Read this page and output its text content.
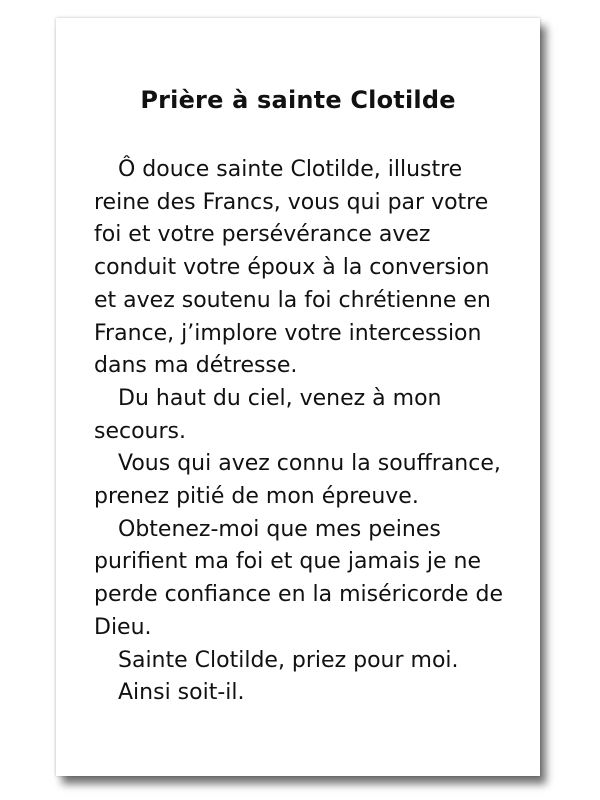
Prière à sainte Clotilde

Ô douce sainte Clotilde, illustre reine des Francs, vous qui par votre foi et votre persévérance avez conduit votre époux à la conversion et avez soutenu la foi chrétienne en France, j’implore votre intercession dans ma détresse.

Du haut du ciel, venez à mon secours.

Vous qui avez connu la souffrance, prenez pitié de mon épreuve.

Obtenez-moi que mes peines purifient ma foi et que jamais je ne perde confiance en la miséricorde de Dieu.

Sainte Clotilde, priez pour moi.

Ainsi soit-il.
